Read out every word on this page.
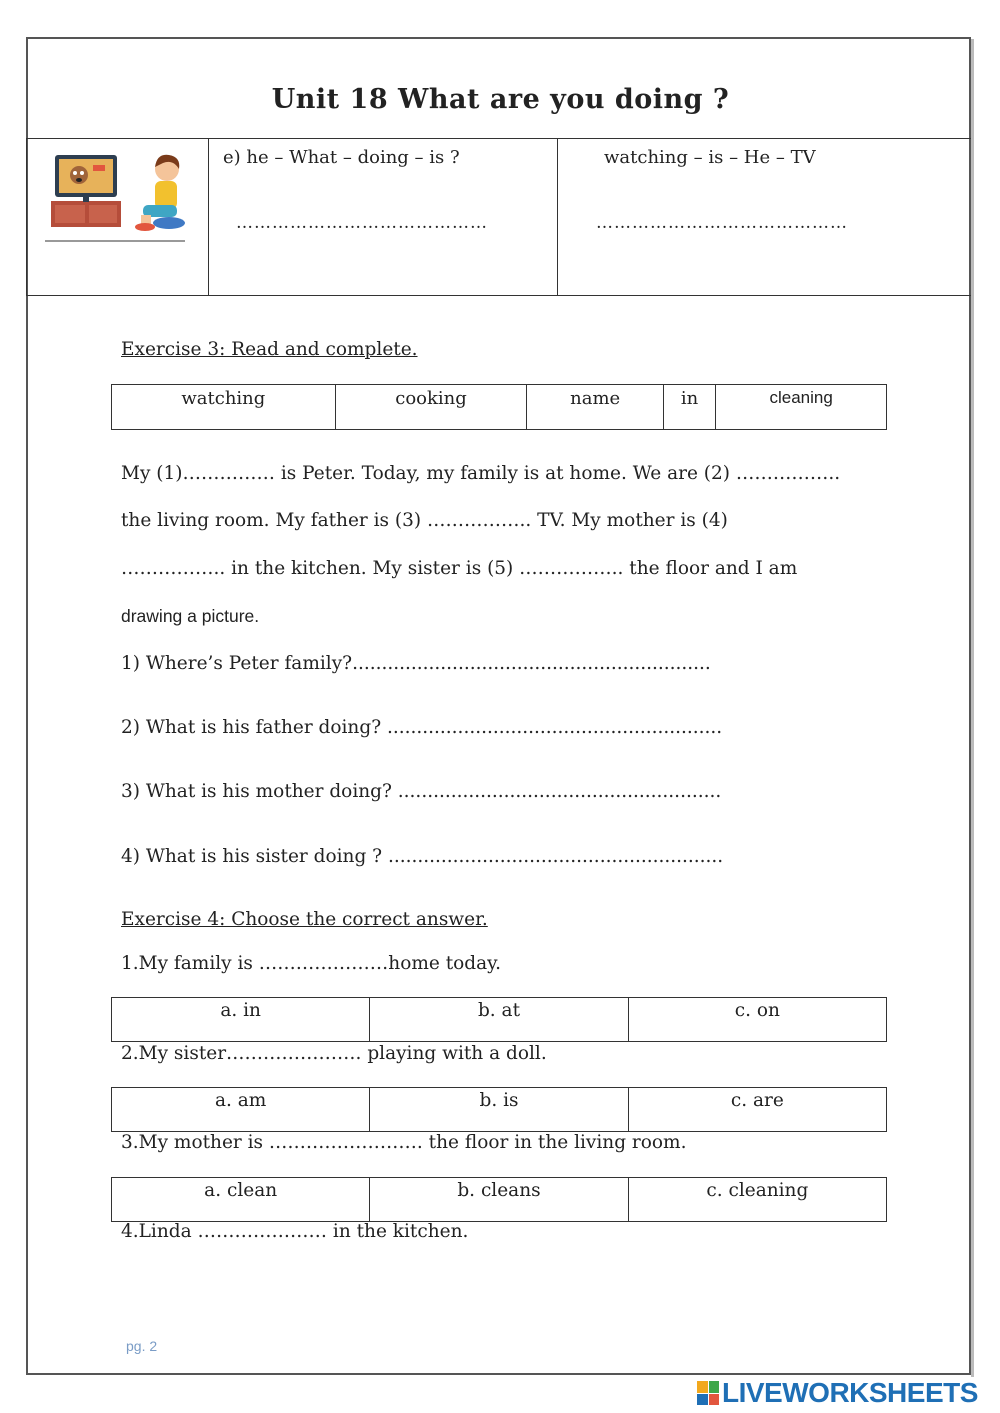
Unit 18 What are you doing ?

e) he – What – doing – is ?
……………………………………

watching – is – He – TV
……………………………………
Exercise 3: Read and complete.
watching	cooking	name	in	cleaning
My (1)…………… is Peter. Today, my family is at home. We are (2) ……………..
the living room. My father is (3) …………….. TV. My mother is (4)
…………….. in the kitchen. My sister is (5) …………….. the floor and I am
drawing a picture.
1) Where’s Peter family?.............................................................
2) What is his father doing? .........................................................
3) What is his mother doing? .......................................................
4) What is his sister doing ? .........................................................
Exercise 4: Choose the correct answer.
1.My family is …………………home today.
a. in	b. at	c. on
2.My sister…………………. playing with a doll.
a. am	b. is	c. are
3.My mother is ……………………. the floor in the living room.
a. clean	b. cleans	c. cleaning
4.Linda ………………… in the kitchen.
pg. 2
LIVEWORKSHEETS
